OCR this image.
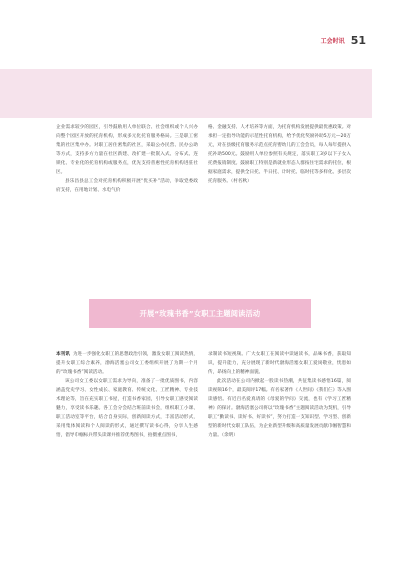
工会时讯 51

企业需求较少的园区，引导鼓励用人单位联合、社会组织或个人兴办向整个园区开放的托育机构，形成多元化托育服务格局。三是职工密集的社区集中办。对职工居住密集的社区，采取公办民营、民办公助等方式，支持多方力量在社区新建、改扩建一批嵌入式、分布式、连锁化、专业化的托育机构或服务点，优先支持普惠性托育机构进驻社区。

县乐昌县总工会对托育机构积极开展“优买补”活动，争取党委政府支持，在用地计划、水电气价

格、金融支持、人才培养等方面，为托育机构发展提供最优惠政策。对承担一定指导功能的示范性托育机构，给予优化奖励补助5万元—20万元，对在县级托育服务示范点托育婴幼儿的工会会员，每人每年提供入托补助500元。鼓励用人单位参照有关规定，落实职工3岁以下子女入托费报销制度。鼓励职工特别是新就业形态人群按住宅需求的托位，根据家庭需求，提供全日托、半日托、计时托、临时托等多样化、多层次托育服务。（村名秋）

开展“玫瑰书香”女职工主题阅读活动

本刊讯 为进一步强化女职工的思想政治引领，激发女职工阅读热情，提升女职工综合素养，渤海活塞公司女工委组织开展了为期一个月的“玫瑰书香”阅读活动。

该公司女工委以女职工需求为导向，准备了一批优质图书，内容涵盖党史学习、女性成长、家庭教育、传统文化、工匠精神、专业技术理论等，旨在充实职工书屋，打造书香家园，引导女职工感受阅读魅力，享受读书乐趣。各工会分会结合班前读书会，组织职工小课、职工活动室等平台，结合自身实际，创新阅读方式，丰富活动形式，采用集体阅读和个人阅读的形式，通过撰写读书心得，分享人生感悟，倡导巾帼标兵带头读课并推荐优秀图书，拍摄重点图书，

录制读书短视频。广大女职工在阅读中读通读书，品味书香，获取知识，提升能力，充分展现了新时代渤海活塞女职工爱岗敬业，忧患如传，昂扬向上的精神面貌。

此次活动在公司内掀起一股读书热潮，共征集读书感悟16篇，阅读视频16个，最美阅评17幅。有名家著作《人世间》《我们仨》等入图读感悟。有近百名爱真请的《母爱的学问》交流，也有《学习工匠精神》的探讨。渤海活塞公司将以“玫瑰书香”主题阅读活动为契机，引导职工“勤读书、读好书、好读书”，努力打造一支知识型、学习型、创新型的新时代女职工队伍，为企业新型升级和高质量发展贡献巾帼智慧和力量。（余明）
